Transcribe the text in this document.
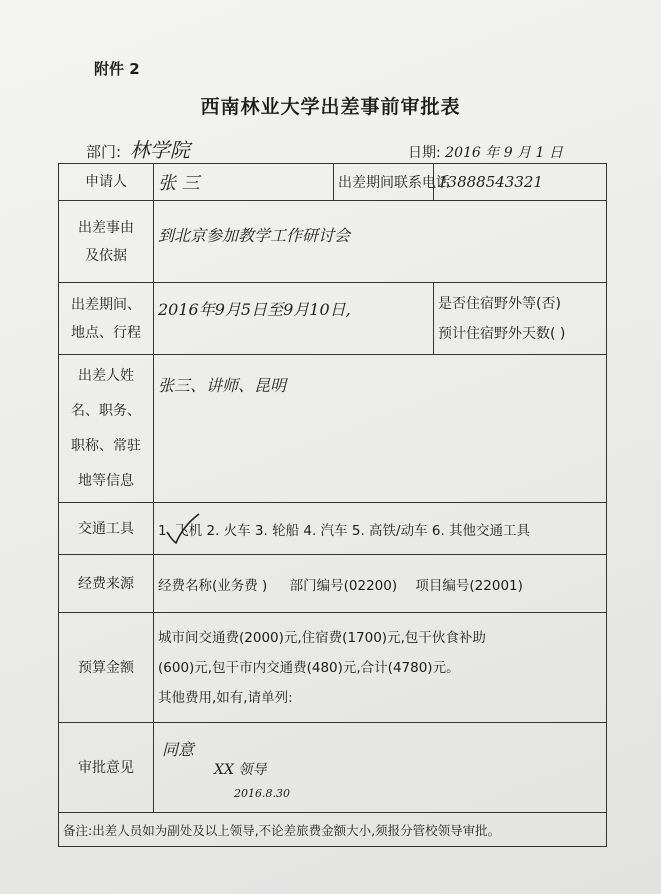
附件 2
西南林业大学出差事前审批表
部门: 林学院	日期: 2016 年 9 月 1 日
申请人	张 三	出差期间联系电话	13888543321

出差事由
及依据	到北京参加教学工作研讨会		
出差期间、地点、行程	2016年9月5日至9月10日,		是否住宿野外等(否)
预计住宿野外天数( )

出差人姓名、职务、职称、常驻地等信息	张三、讲师、昆明		
交通工具	1. 飞机 2. 火车 3. 轮船 4. 汽车 5. 高铁/动车 6. 其他交通工具		
经费来源	经费名称(业务费 ) 部门编号(02200) 项目编号(22001)		
预算金额	城市间交通费(2000)元,住宿费(1700)元,包干伙食补助
(600)元,包干市内交通费(480)元,合计(4780)元。
其他费用,如有,请单列:		

审批意见	同意
XX 领导
2016.8.30		

备注:出差人员如为副处及以上领导,不论差旅费金额大小,须报分管校领导审批。			
